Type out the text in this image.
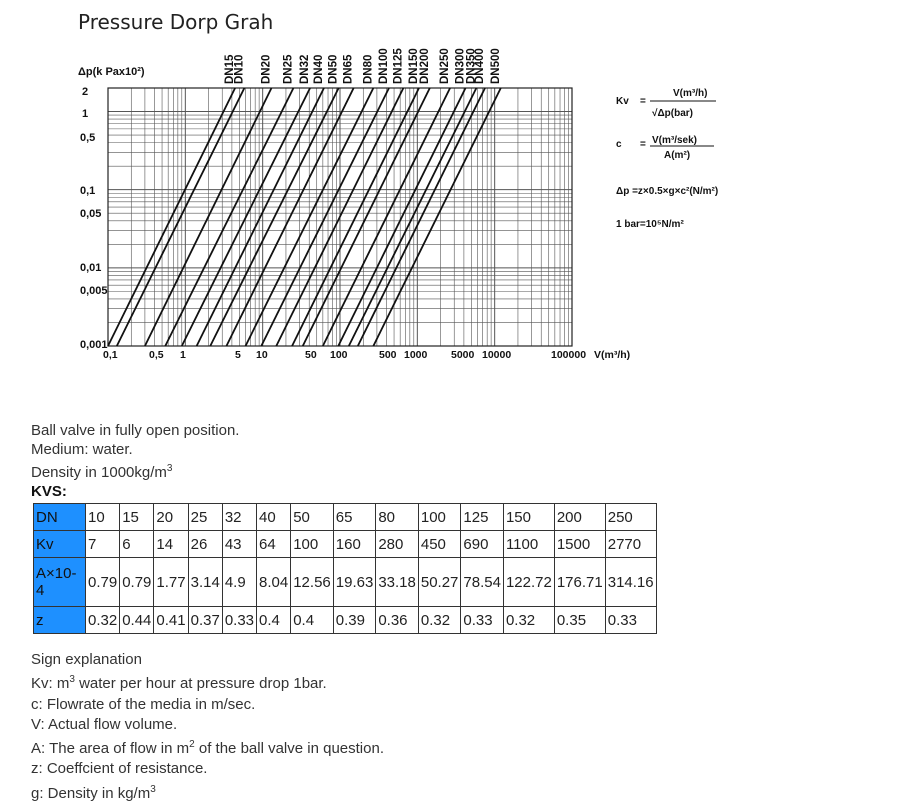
Pressure Dorp Grah
DN15
DN10 DN20 DN25 DN32 DN40 DN50 DN65 DN80 DN100 DN125 DN150
DN200 DN250 DN300
DN350
DN400 DN500
Δp(k Pax10²)
2
1
0,5
0,1
0,05
0,01
0,005
0,001
0,1	0,5 1	5 10	50 100	500 1000 5000 10000	100000 V(m³/h)
Kv =
V(m³/h)
√Δp(bar)
c = V(m³/sek)
A(m²)
Δp =z×0.5×g×c²(N/m²)
1 bar=10⁵N/m²
Ball valve in fully open position.
Medium: water.
Density in $1000kg/m^3$
KVS:
DN	10	15	20	25	32	40	50	65	80	100	125	150	200	250
Kv	7	6	14	26	43	64	100	160	280	450	690	1100	1500	2770
A×10-
4	0.79	0.79	1.77	3.14	4.9	8.04	12.56	19.63	33.18	50.27	78.54	122.72	176.71	314.16
z	0.32	0.44	0.41	0.37	0.33	0.4	0.4	0.39	0.36	0.32	0.33	0.32	0.35	0.33
Sign explanation
Kv: $m^3$ water per hour at pressure drop 1bar.
c: Flowrate of the media in m/sec.
V: Actual flow volume.
A: The area of flow in $m^2$ of the ball valve in question.
z: Coeffcient of resistance.
g: Density in $kg/m^3$
